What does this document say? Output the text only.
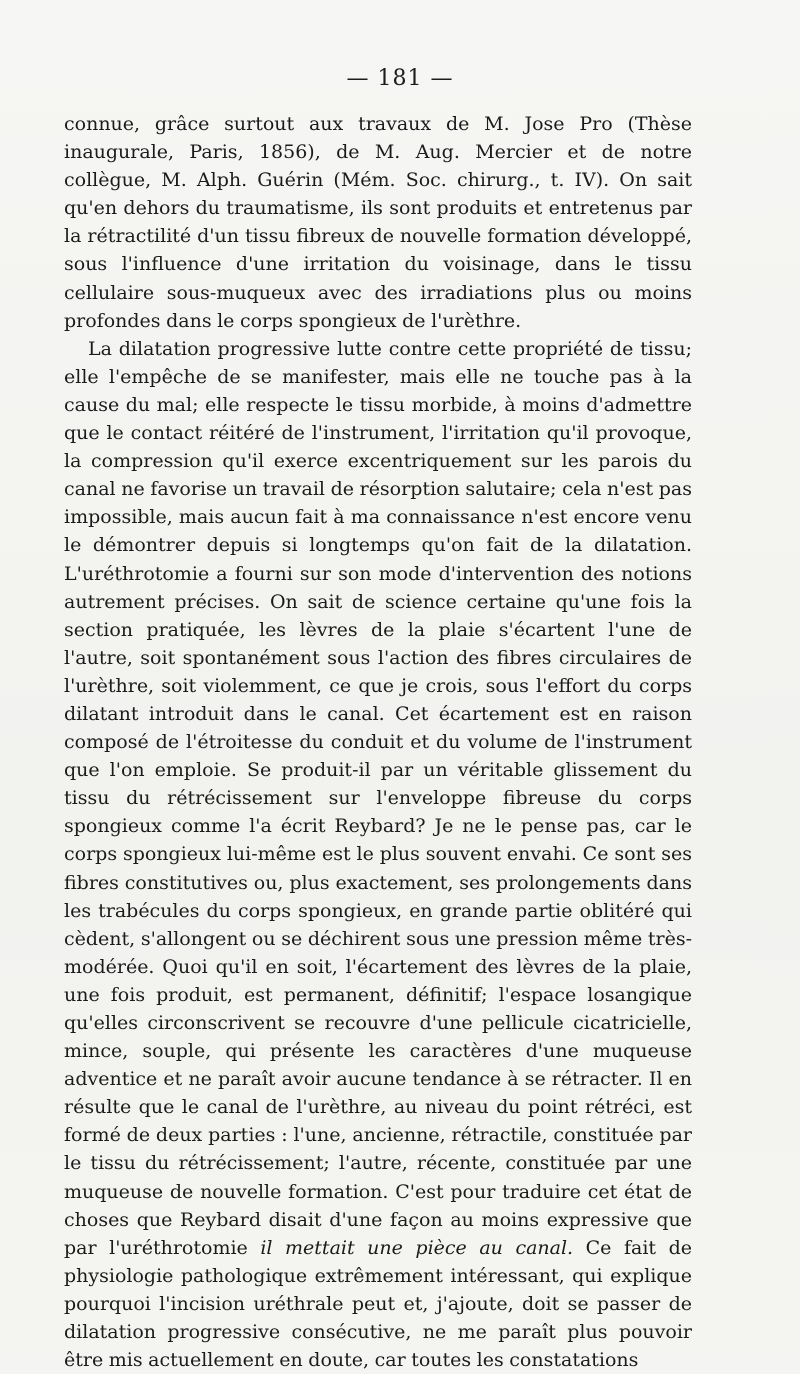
— 181 —

connue, grâce surtout aux travaux de M. Jose Pro (Thèse inaugurale, Paris, 1856), de M. Aug. Mercier et de notre collègue, M. Alph. Guérin (Mém. Soc. chirurg., t. IV). On sait qu'en dehors du traumatisme, ils sont produits et entretenus par la rétractilité d'un tissu fibreux de nouvelle formation développé, sous l'influence d'une irritation du voisinage, dans le tissu cellulaire sous-muqueux avec des irradiations plus ou moins profondes dans le corps spongieux de l'urèthre.

La dilatation progressive lutte contre cette propriété de tissu; elle l'empêche de se manifester, mais elle ne touche pas à la cause du mal; elle respecte le tissu morbide, à moins d'admettre que le contact réitéré de l'instrument, l'irritation qu'il provoque, la compression qu'il exerce excentriquement sur les parois du canal ne favorise un travail de résorption salutaire; cela n'est pas impossible, mais aucun fait à ma connaissance n'est encore venu le démontrer depuis si longtemps qu'on fait de la dilatation. L'uréthrotomie a fourni sur son mode d'intervention des notions autrement précises. On sait de science certaine qu'une fois la section pratiquée, les lèvres de la plaie s'écartent l'une de l'autre, soit spontanément sous l'action des fibres circulaires de l'urèthre, soit violemment, ce que je crois, sous l'effort du corps dilatant introduit dans le canal. Cet écartement est en raison composé de l'étroitesse du conduit et du volume de l'instrument que l'on emploie. Se produit-il par un véritable glissement du tissu du rétrécissement sur l'enveloppe fibreuse du corps spongieux comme l'a écrit Reybard? Je ne le pense pas, car le corps spongieux lui-même est le plus souvent envahi. Ce sont ses fibres constitutives ou, plus exactement, ses prolongements dans les trabécules du corps spongieux, en grande partie oblitéré qui cèdent, s'allongent ou se déchirent sous une pression même très-modérée. Quoi qu'il en soit, l'écartement des lèvres de la plaie, une fois produit, est permanent, définitif; l'espace losangique qu'elles circonscrivent se recouvre d'une pellicule cicatricielle, mince, souple, qui présente les caractères d'une muqueuse adventice et ne paraît avoir aucune tendance à se rétracter. Il en résulte que le canal de l'urèthre, au niveau du point rétréci, est formé de deux parties : l'une, ancienne, rétractile, constituée par le tissu du rétrécissement; l'autre, récente, constituée par une muqueuse de nouvelle formation. C'est pour traduire cet état de choses que Reybard disait d'une façon au moins expressive que par l'uréthrotomie il mettait une pièce au canal. Ce fait de physiologie pathologique extrêmement intéressant, qui explique pourquoi l'incision uréthrale peut et, j'ajoute, doit se passer de dilatation progressive consécutive, ne me paraît plus pouvoir être mis actuellement en doute, car toutes les constatations
